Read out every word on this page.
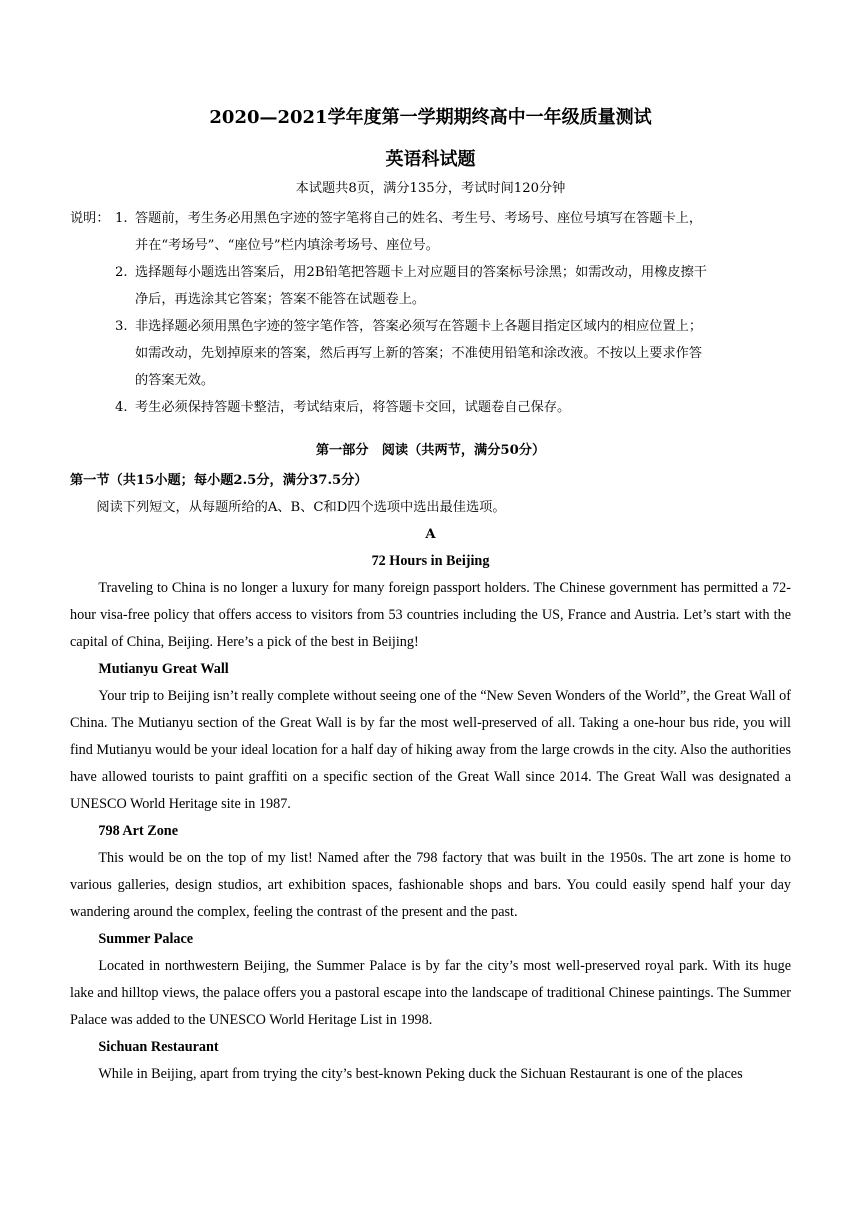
2020—2021学年度第一学期期终高中一年级质量测试
英语科试题
本试题共8页，满分135分，考试时间120分钟
说明： 1. 答题前，考生务必用黑色字迹的签字笔将自己的姓名、考生号、考场号、座位号填写在答题卡上，
并在“考场号”、“座位号”栏内填涂考场号、座位号。
2. 选择题每小题选出答案后，用2B铅笔把答题卡上对应题目的答案标号涂黑；如需改动，用橡皮擦干
净后，再选涂其它答案；答案不能答在试题卷上。
3. 非选择题必须用黑色字迹的签字笔作答，答案必须写在答题卡上各题目指定区域内的相应位置上；
如需改动，先划掉原来的答案，然后再写上新的答案；不准使用铅笔和涂改液。不按以上要求作答
的答案无效。
4. 考生必须保持答题卡整洁，考试结束后，将答题卡交回，试题卷自己保存。
第一部分　阅读（共两节，满分50分）
第一节（共15小题；每小题2.5分，满分37.5分）
阅读下列短文，从每题所给的A、B、C和D四个选项中选出最佳选项。
A
72 Hours in Beijing

Traveling to China is no longer a luxury for many foreign passport holders. The Chinese government has permitted a 72-hour visa-free policy that offers access to visitors from 53 countries including the US, France and Austria. Let’s start with the capital of China, Beijing. Here’s a pick of the best in Beijing!

Mutianyu Great Wall

Your trip to Beijing isn’t really complete without seeing one of the “New Seven Wonders of the World”, the Great Wall of China. The Mutianyu section of the Great Wall is by far the most well-preserved of all. Taking a one-hour bus ride, you will find Mutianyu would be your ideal location for a half day of hiking away from the large crowds in the city. Also the authorities have allowed tourists to paint graffiti on a specific section of the Great Wall since 2014. The Great Wall was designated a UNESCO World Heritage site in 1987.

798 Art Zone

This would be on the top of my list! Named after the 798 factory that was built in the 1950s. The art zone is home to various galleries, design studios, art exhibition spaces, fashionable shops and bars. You could easily spend half your day wandering around the complex, feeling the contrast of the present and the past.

Summer Palace

Located in northwestern Beijing, the Summer Palace is by far the city’s most well-preserved royal park. With its huge lake and hilltop views, the palace offers you a pastoral escape into the landscape of traditional Chinese paintings. The Summer Palace was added to the UNESCO World Heritage List in 1998.

Sichuan Restaurant

While in Beijing, apart from trying the city’s best-known Peking duck the Sichuan Restaurant is one of the places
